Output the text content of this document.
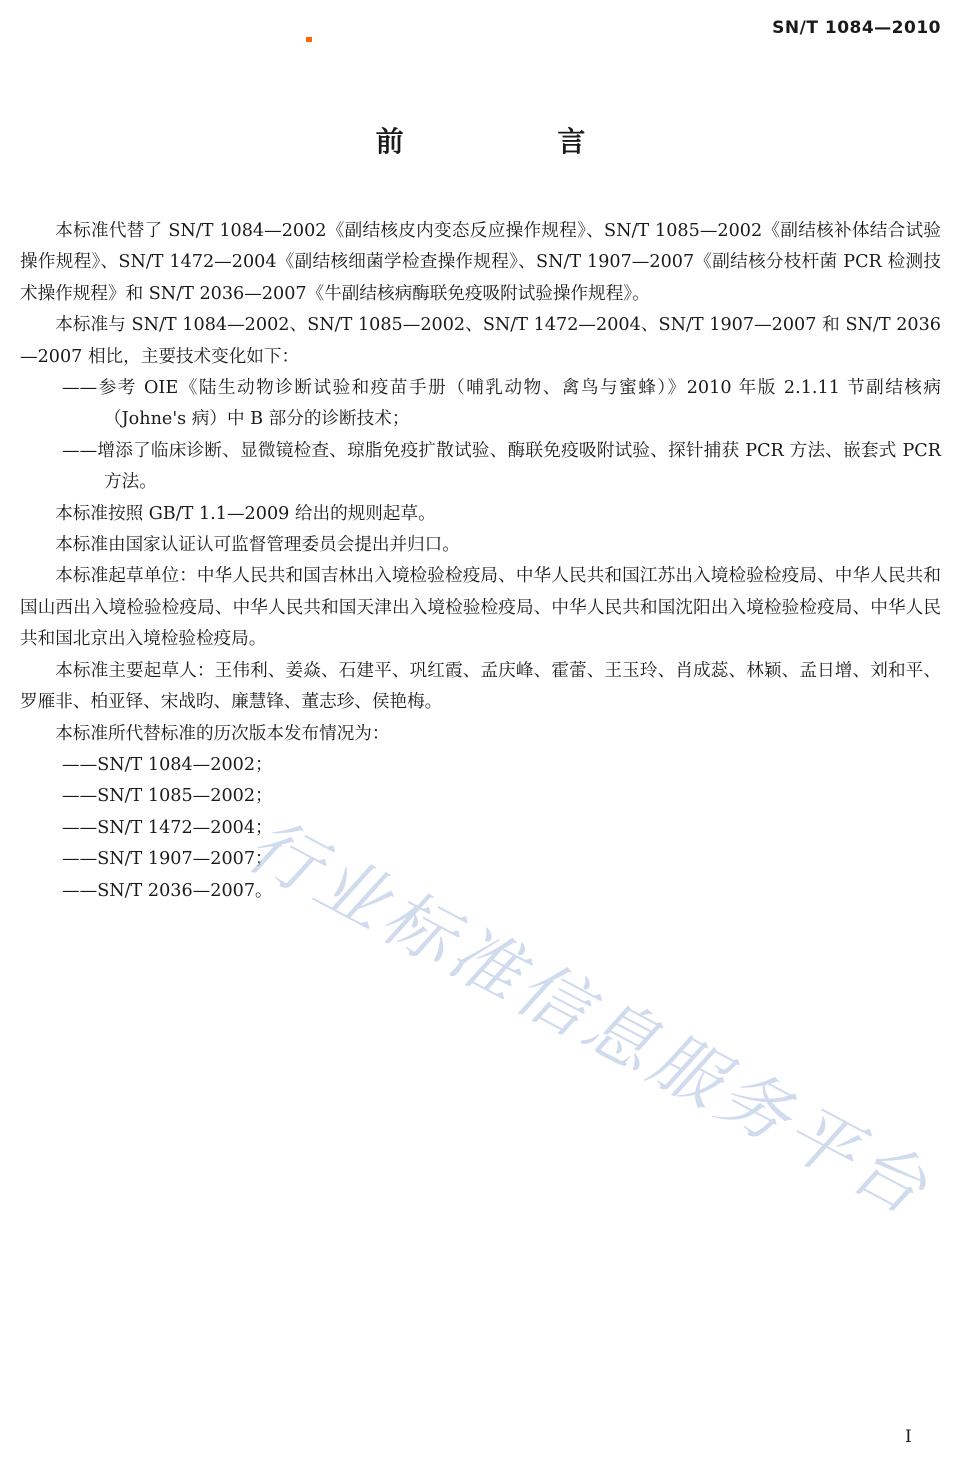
SN/T 1084—2010
前 言

本标准代替了 SN/T 1084—2002《副结核皮内变态反应操作规程》、SN/T 1085—2002《副结核补体结合试验操作规程》、SN/T 1472—2004《副结核细菌学检查操作规程》、SN/T 1907—2007《副结核分枝杆菌 PCR 检测技术操作规程》和 SN/T 2036—2007《牛副结核病酶联免疫吸附试验操作规程》。

本标准与 SN/T 1084—2002、SN/T 1085—2002、SN/T 1472—2004、SN/T 1907—2007 和 SN/T 2036—2007 相比，主要技术变化如下：

——参考 OIE《陆生动物诊断试验和疫苗手册（哺乳动物、禽鸟与蜜蜂）》2010 年版 2.1.11 节副结核病（Johne's 病）中 B 部分的诊断技术；

——增添了临床诊断、显微镜检查、琼脂免疫扩散试验、酶联免疫吸附试验、探针捕获 PCR 方法、嵌套式 PCR 方法。

本标准按照 GB/T 1.1—2009 给出的规则起草。

本标准由国家认证认可监督管理委员会提出并归口。

本标准起草单位：中华人民共和国吉林出入境检验检疫局、中华人民共和国江苏出入境检验检疫局、中华人民共和国山西出入境检验检疫局、中华人民共和国天津出入境检验检疫局、中华人民共和国沈阳出入境检验检疫局、中华人民共和国北京出入境检验检疫局。

本标准主要起草人：王伟利、姜焱、石建平、巩红霞、孟庆峰、霍蕾、王玉玲、肖成蕊、林颖、孟日增、刘和平、罗雁非、柏亚铎、宋战昀、廉慧锋、董志珍、侯艳梅。

本标准所代替标准的历次版本发布情况为：

——SN/T 1084—2002；

——SN/T 1085—2002；

——SN/T 1472—2004；

——SN/T 1907—2007；

——SN/T 2036—2007。

行业标准信息服务平台
I
